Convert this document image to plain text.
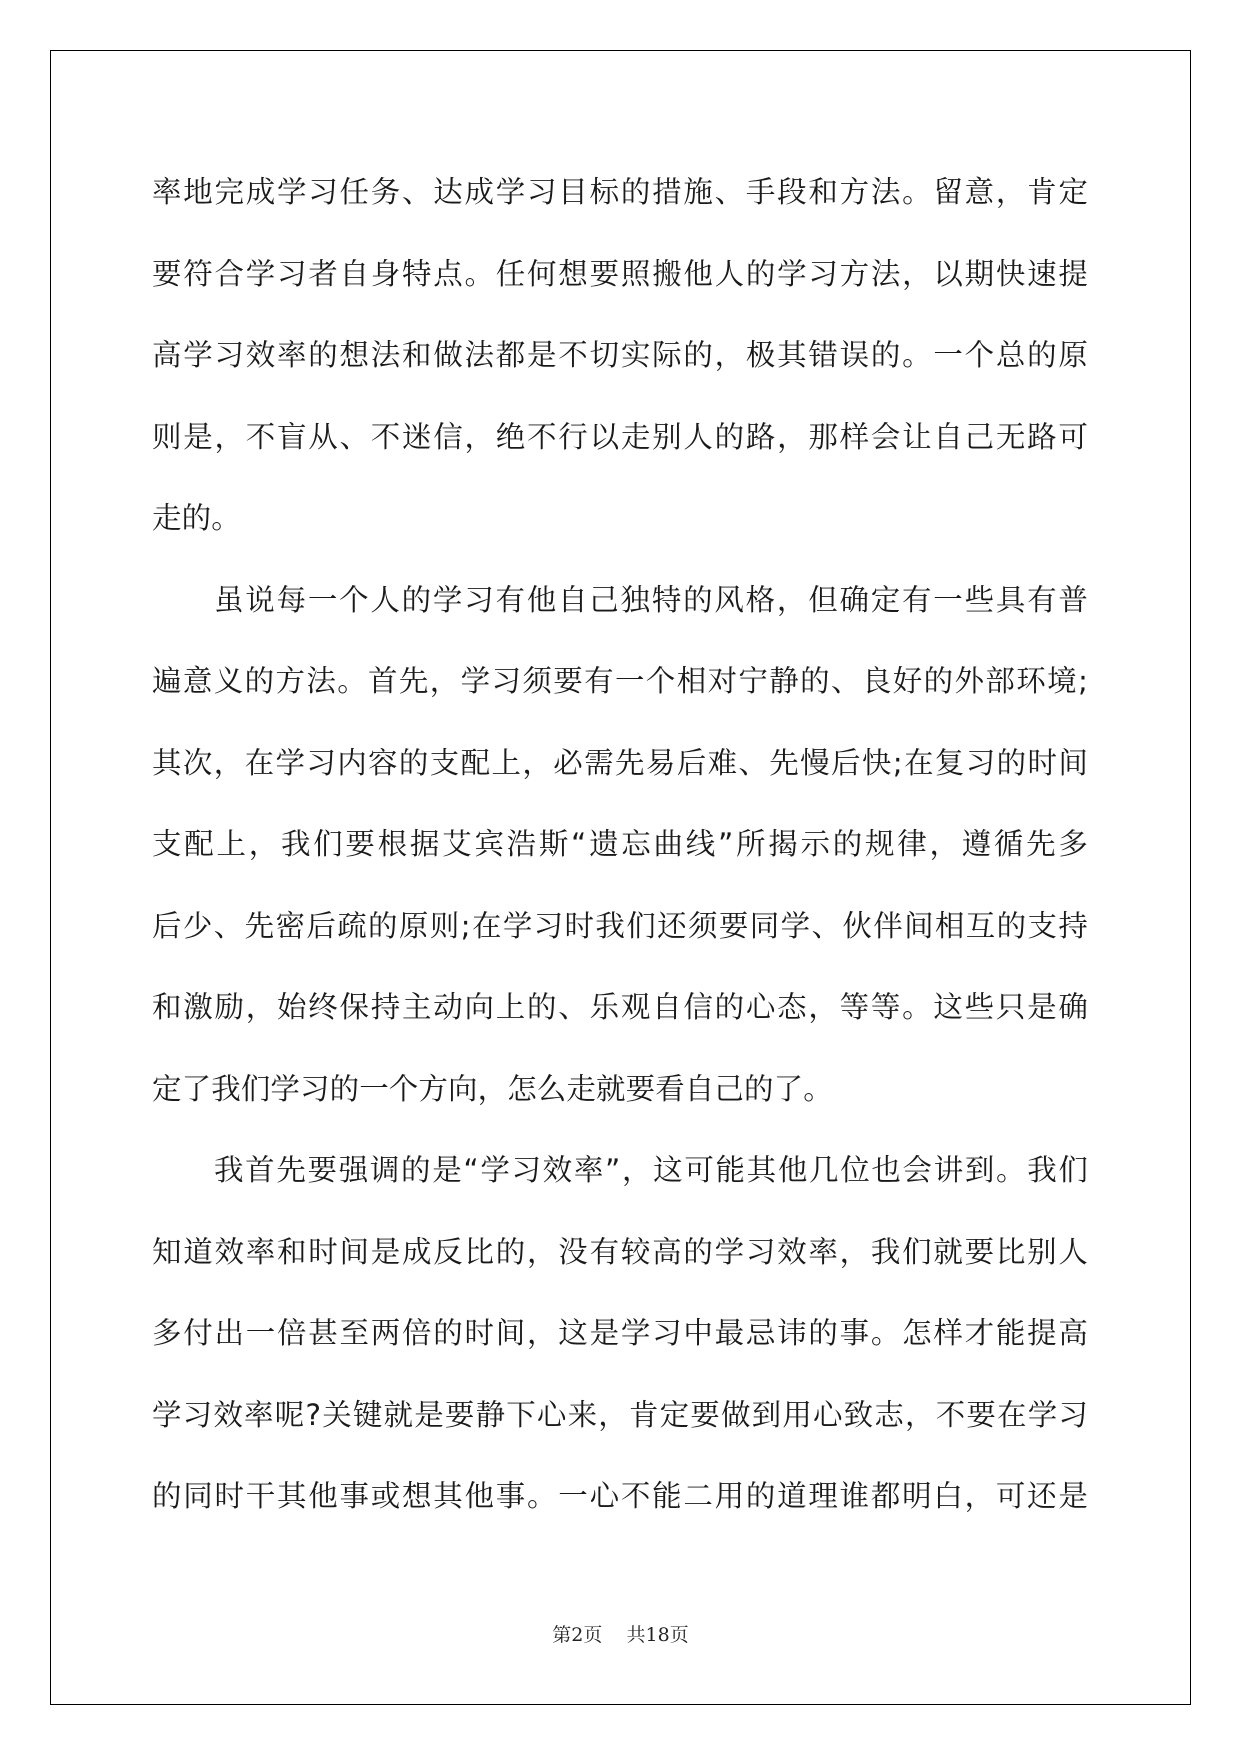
率地完成学习任务、达成学习目标的措施、手段和方法。留意，肯定
要符合学习者自身特点。任何想要照搬他人的学习方法，以期快速提
高学习效率的想法和做法都是不切实际的，极其错误的。一个总的原
则是，不盲从、不迷信，绝不行以走别人的路，那样会让自己无路可
走的。
虽说每一个人的学习有他自己独特的风格，但确定有一些具有普
遍意义的方法。首先，学习须要有一个相对宁静的、良好的外部环境;
其次，在学习内容的支配上，必需先易后难、先慢后快;在复习的时间
支配上，我们要根据艾宾浩斯“遗忘曲线”所揭示的规律，遵循先多
后少、先密后疏的原则;在学习时我们还须要同学、伙伴间相互的支持
和激励，始终保持主动向上的、乐观自信的心态，等等。这些只是确
定了我们学习的一个方向，怎么走就要看自己的了。
我首先要强调的是“学习效率”，这可能其他几位也会讲到。我们
知道效率和时间是成反比的，没有较高的学习效率，我们就要比别人
多付出一倍甚至两倍的时间，这是学习中最忌讳的事。怎样才能提高
学习效率呢?关键就是要静下心来，肯定要做到用心致志，不要在学习
的同时干其他事或想其他事。一心不能二用的道理谁都明白，可还是
第2页    共18页
